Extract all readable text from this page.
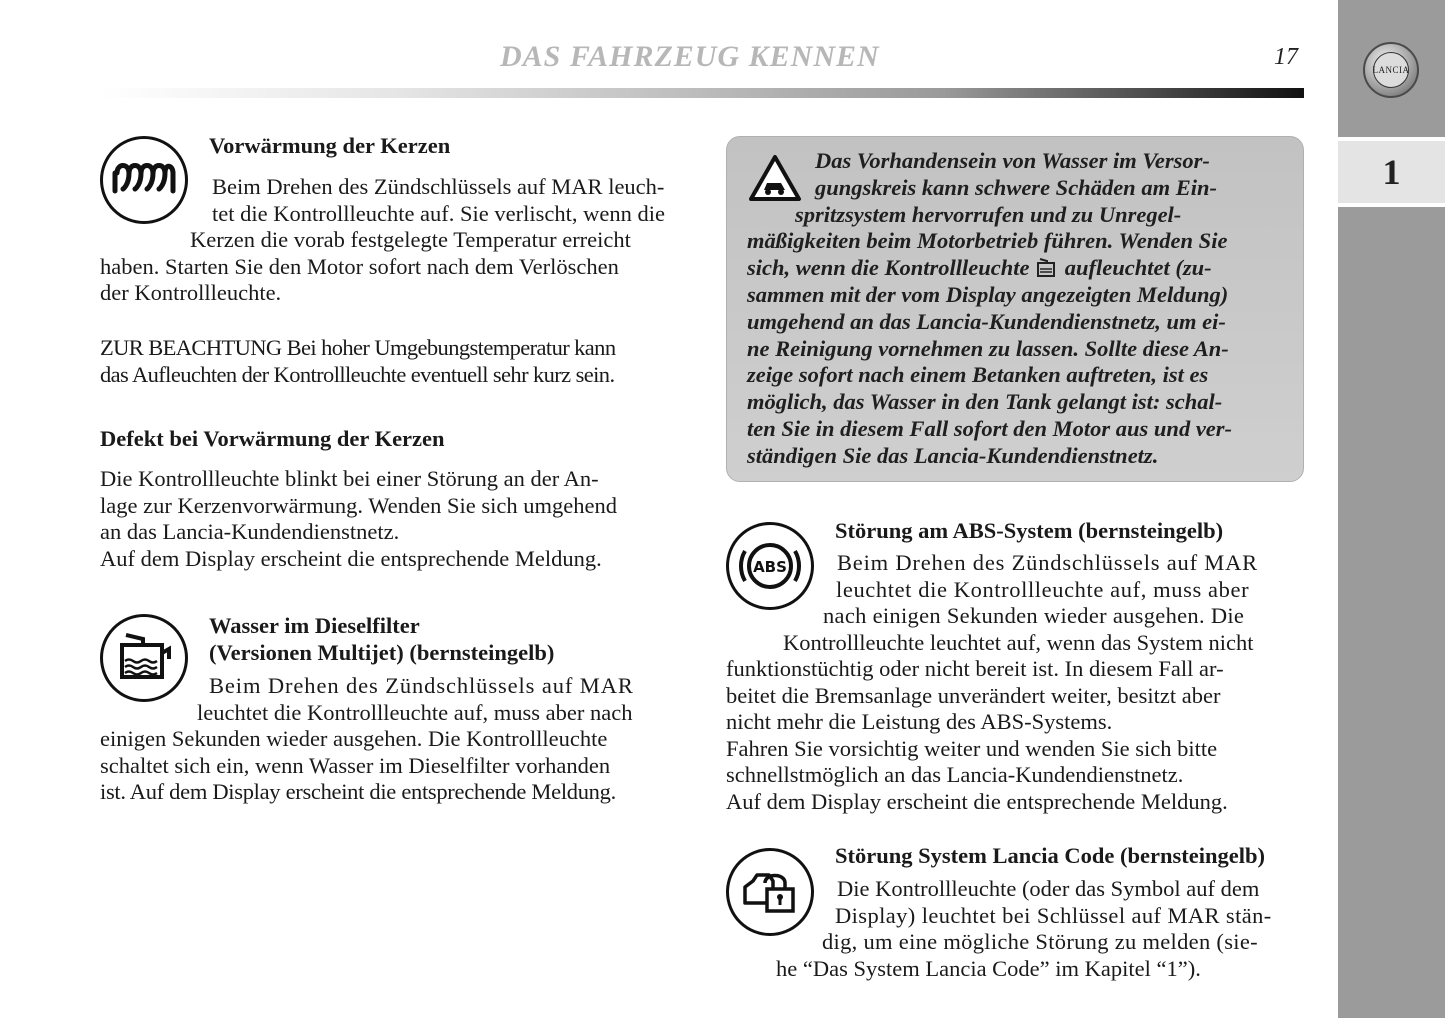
DAS FAHRZEUG KENNEN	17	LANCIA
1
Vorwärmung der Kerzen
Beim Drehen des Zündschlüssels auf MAR leuch-
tet die Kontrollleuchte auf. Sie verlischt, wenn die
Kerzen die vorab festgelegte Temperatur erreicht
haben. Starten Sie den Motor sofort nach dem Verlöschen
der Kontrollleuchte.
ZUR BEACHTUNG Bei hoher Umgebungstemperatur kann
das Aufleuchten der Kontrollleuchte eventuell sehr kurz sein.
Defekt bei Vorwärmung der Kerzen
Die Kontrollleuchte blinkt bei einer Störung an der An-
lage zur Kerzenvorwärmung. Wenden Sie sich umgehend
an das Lancia-Kundendienstnetz.
Auf dem Display erscheint die entsprechende Meldung.
Wasser im Dieselfilter
(Versionen Multijet) (bernsteingelb)
Beim Drehen des Zündschlüssels auf MAR
leuchtet die Kontrollleuchte auf, muss aber nach
einigen Sekunden wieder ausgehen. Die Kontrollleuchte
schaltet sich ein, wenn Wasser im Dieselfilter vorhanden
ist. Auf dem Display erscheint die entsprechende Meldung.
Das Vorhandensein von Wasser im Versor-
gungskreis kann schwere Schäden am Ein-
spritzsystem hervorrufen und zu Unregel-
mäßigkeiten beim Motorbetrieb führen. Wenden Sie
sich, wenn die Kontrollleuchte aufleuchtet (zu-
sammen mit der vom Display angezeigten Meldung)
umgehend an das Lancia-Kundendienstnetz, um ei-
ne Reinigung vornehmen zu lassen. Sollte diese An-
zeige sofort nach einem Betanken auftreten, ist es
möglich, das Wasser in den Tank gelangt ist: schal-
ten Sie in diesem Fall sofort den Motor aus und ver-
ständigen Sie das Lancia-Kundendienstnetz.
ABS
Störung am ABS-System (bernsteingelb)
Beim Drehen des Zündschlüssels auf MAR
leuchtet die Kontrollleuchte auf, muss aber
nach einigen Sekunden wieder ausgehen. Die
Kontrollleuchte leuchtet auf, wenn das System nicht
funktionstüchtig oder nicht bereit ist. In diesem Fall ar-
beitet die Bremsanlage unverändert weiter, besitzt aber
nicht mehr die Leistung des ABS-Systems.
Fahren Sie vorsichtig weiter und wenden Sie sich bitte
schnellstmöglich an das Lancia-Kundendienstnetz.
Auf dem Display erscheint die entsprechende Meldung.
Störung System Lancia Code (bernsteingelb)
Die Kontrollleuchte (oder das Symbol auf dem
Display) leuchtet bei Schlüssel auf MAR stän-
dig, um eine mögliche Störung zu melden (sie-
he “Das System Lancia Code” im Kapitel “1”).
